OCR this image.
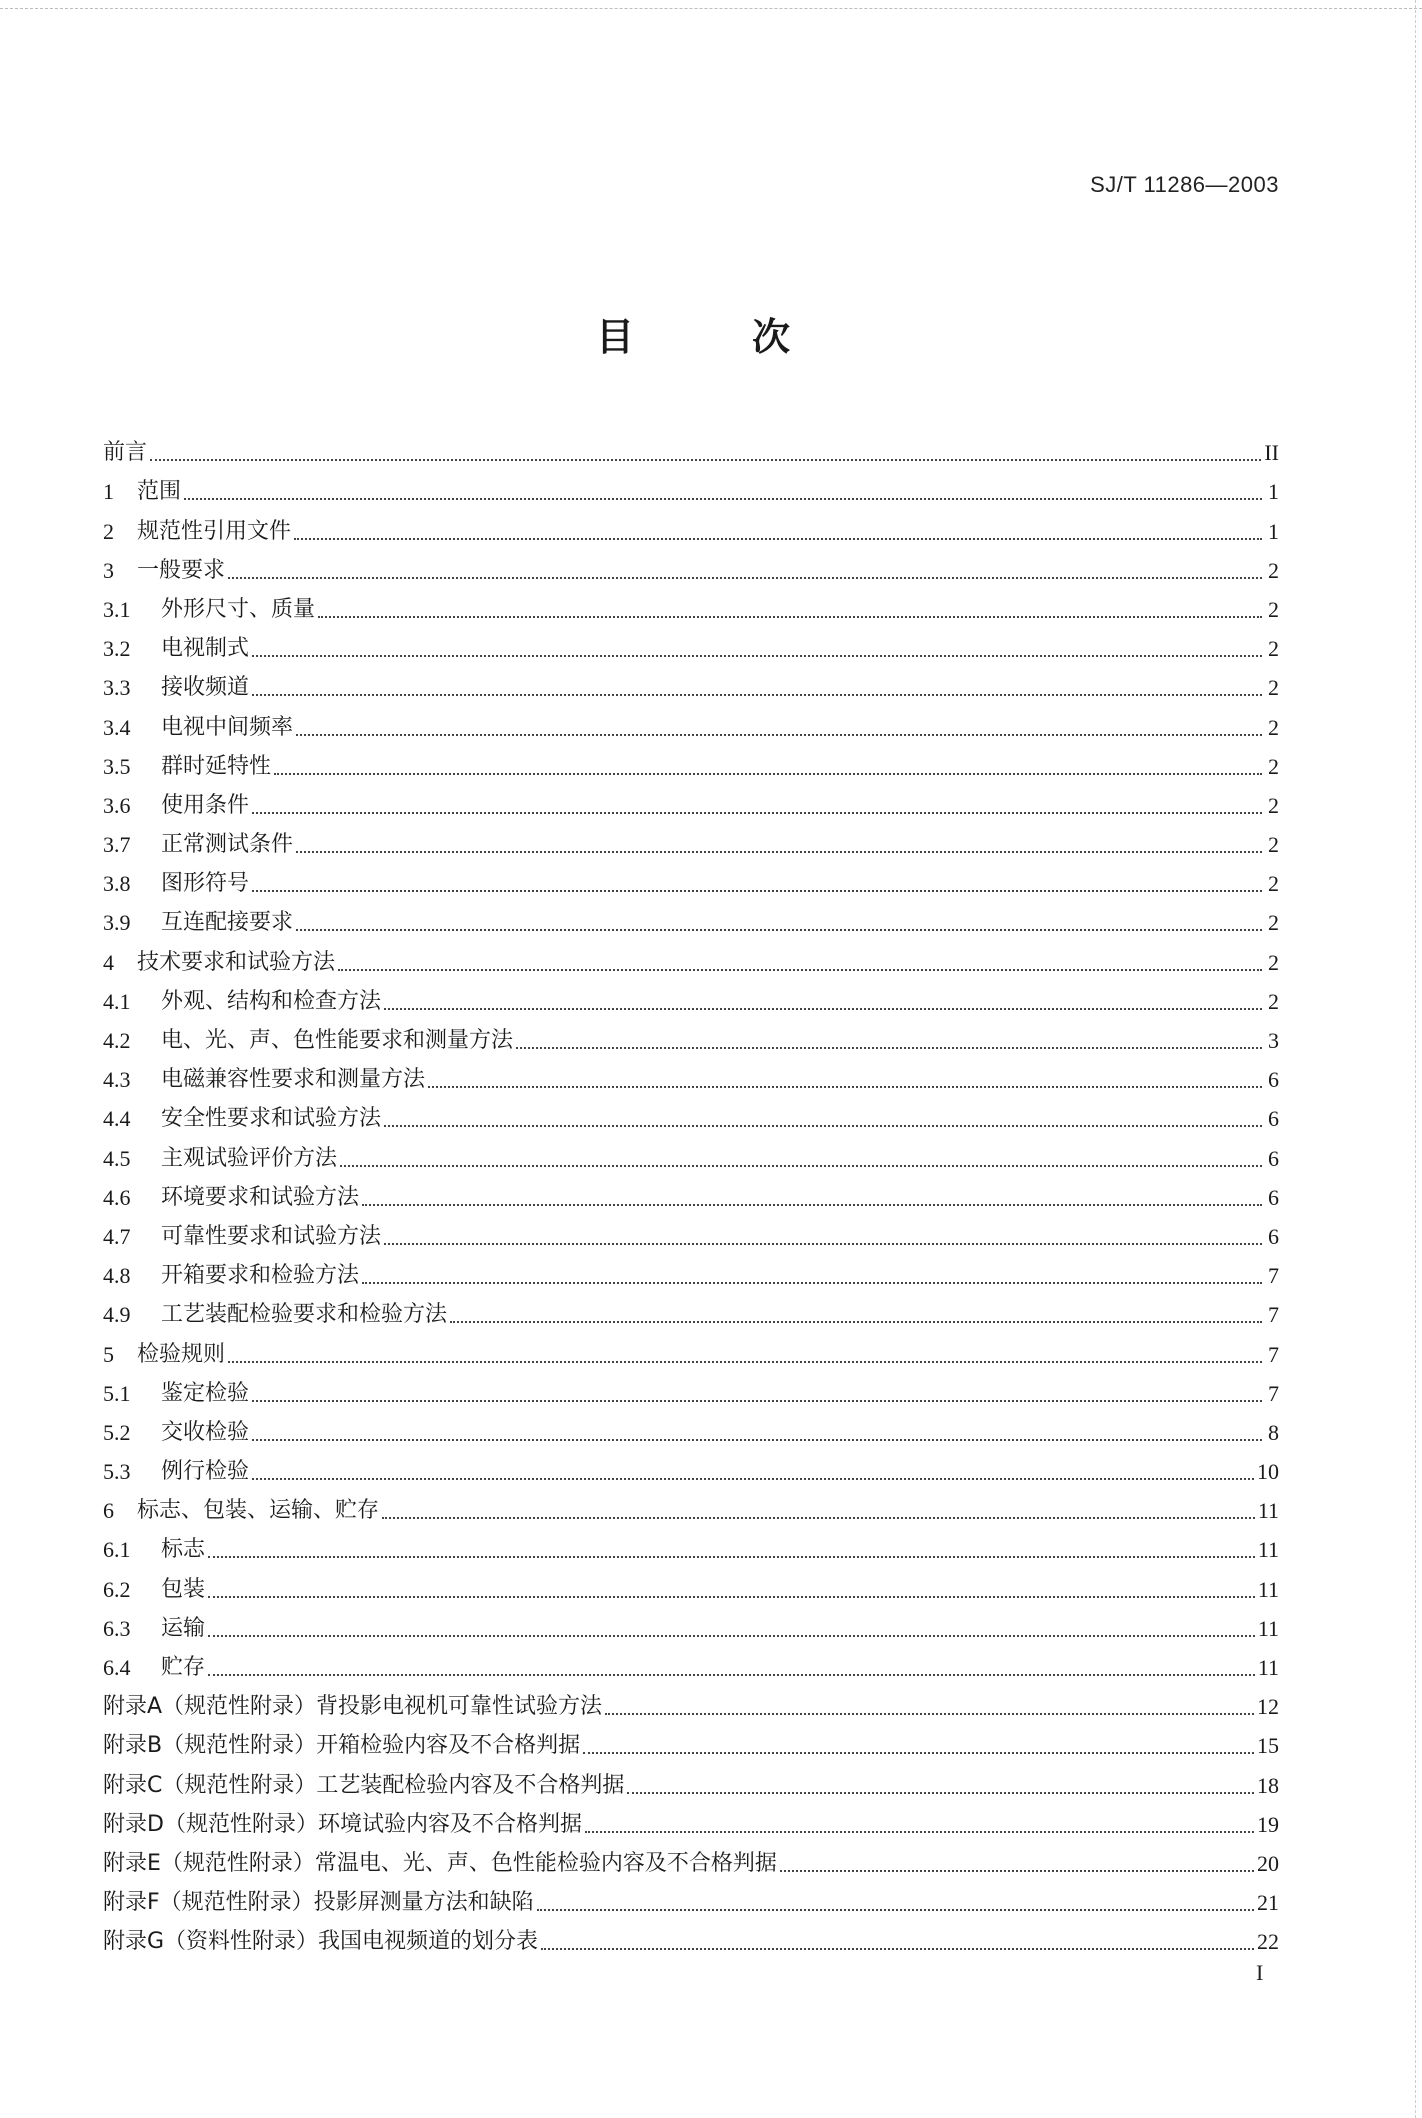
SJ/T 11286—2003
目	次
前言	II
1	范围	1
2	规范性引用文件	1
3	一般要求	2
3.1	外形尺寸、质量	2
3.2	电视制式	2
3.3	接收频道	2
3.4	电视中间频率	2
3.5	群时延特性	2
3.6	使用条件	2
3.7	正常测试条件	2
3.8	图形符号	2
3.9	互连配接要求	2
4	技术要求和试验方法	2
4.1	外观、结构和检查方法	2
4.2	电、光、声、色性能要求和测量方法	3
4.3	电磁兼容性要求和测量方法	6
4.4	安全性要求和试验方法	6
4.5	主观试验评价方法	6
4.6	环境要求和试验方法	6
4.7	可靠性要求和试验方法	6
4.8	开箱要求和检验方法	7
4.9	工艺装配检验要求和检验方法	7
5	检验规则	7
5.1	鉴定检验	7
5.2	交收检验	8
5.3	例行检验	10
6	标志、包装、运输、贮存	11
6.1	标志	11
6.2	包装	11
6.3	运输	11
6.4	贮存	11
附录A（规范性附录）背投影电视机可靠性试验方法	12
附录B（规范性附录）开箱检验内容及不合格判据	15
附录C（规范性附录）工艺装配检验内容及不合格判据	18
附录D（规范性附录）环境试验内容及不合格判据	19
附录E（规范性附录）常温电、光、声、色性能检验内容及不合格判据	20
附录F（规范性附录）投影屏测量方法和缺陷	21
附录G（资料性附录）我国电视频道的划分表	22
I
